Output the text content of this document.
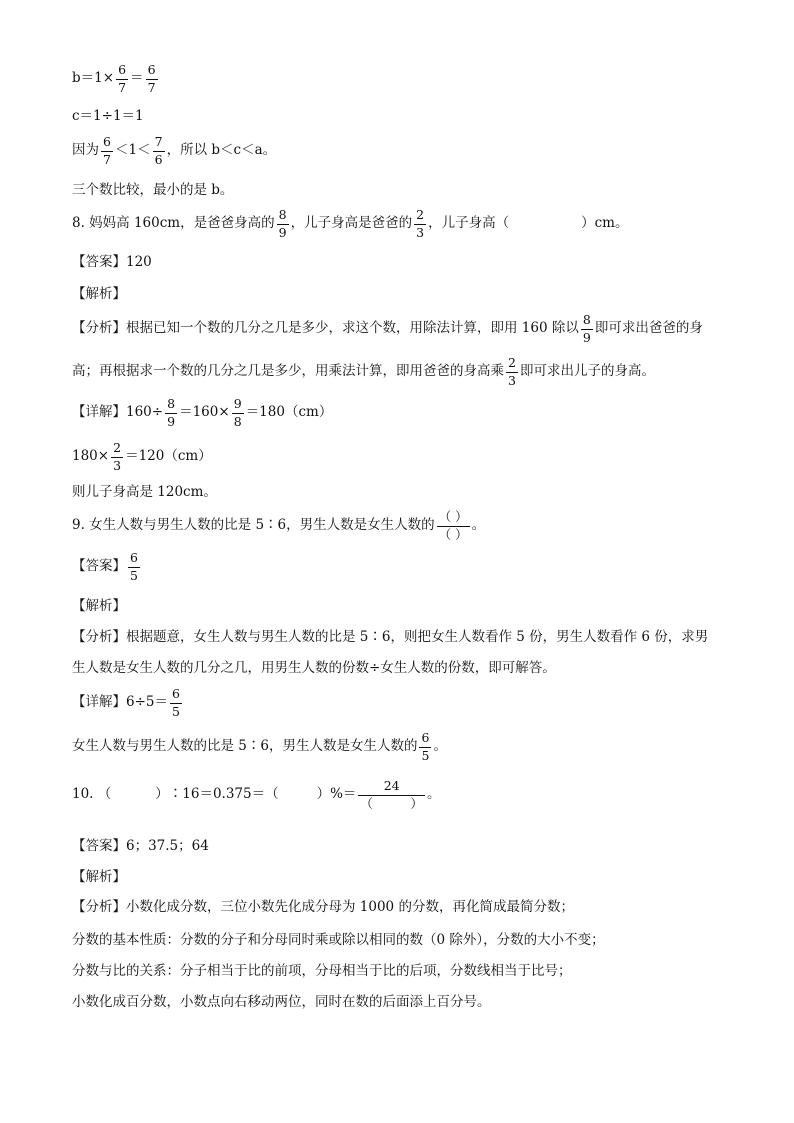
$b=1\times \frac{6}{7}$ ＝
6
7
c＝1÷1＝1
因为
6
7
＜1＜
7
6
，所以 b＜c＜a。
三个数比较，最小的是 b。
8. 妈妈高 160cm，是爸爸身高的
8
9
，儿子身高是爸爸的
2
3
，儿子身高（	）cm。
【答案】 120
【解析】
【分析】根据已知一个数的几分之几是多少，求这个数，用除法计算，即用 160 除以
8
9
即可求出爸爸的身
高；再根据求一个数的几分之几是多少，用乘法计算，即用爸爸的身高乘
2
3
即可求出儿子的身高。
【详解】$160\div \frac{8}{9} =160\times \frac{9}{8} =180(cm)$
$180\times \frac{2}{3} =120(cm)$
则儿子身高是 120cm。
9. 女生人数与男生人数的比是 5∶6，男生人数是女生人数的
（ ）
（ ）
。
【答案】
6
5
【解析】
【分析】根据题意，女生人数与男生人数的比是 5∶6，则把女生人数看作 5 份，男生人数看作 6 份，求男
生人数是女生人数的几分之几，用男生人数的份数÷女生人数的份数，即可解答。
【详解】6÷5＝
6
5
女生人数与男生人数的比是 5∶6，男生人数是女生人数的
6
5
。
10. （	）∶16＝0.375＝（	）%＝
24
（　　　）
。
【答案】 6；37.5；64
【解析】
【分析】小数化成分数，三位小数先化成分母为 1000 的分数，再化简成最简分数；
分数的基本性质：分数的分子和分母同时乘或除以相同的数（0 除外），分数的大小不变；
分数与比的关系：分子相当于比的前项，分母相当于比的后项，分数线相当于比号；
小数化成百分数，小数点向右移动两位，同时在数的后面添上百分号。
